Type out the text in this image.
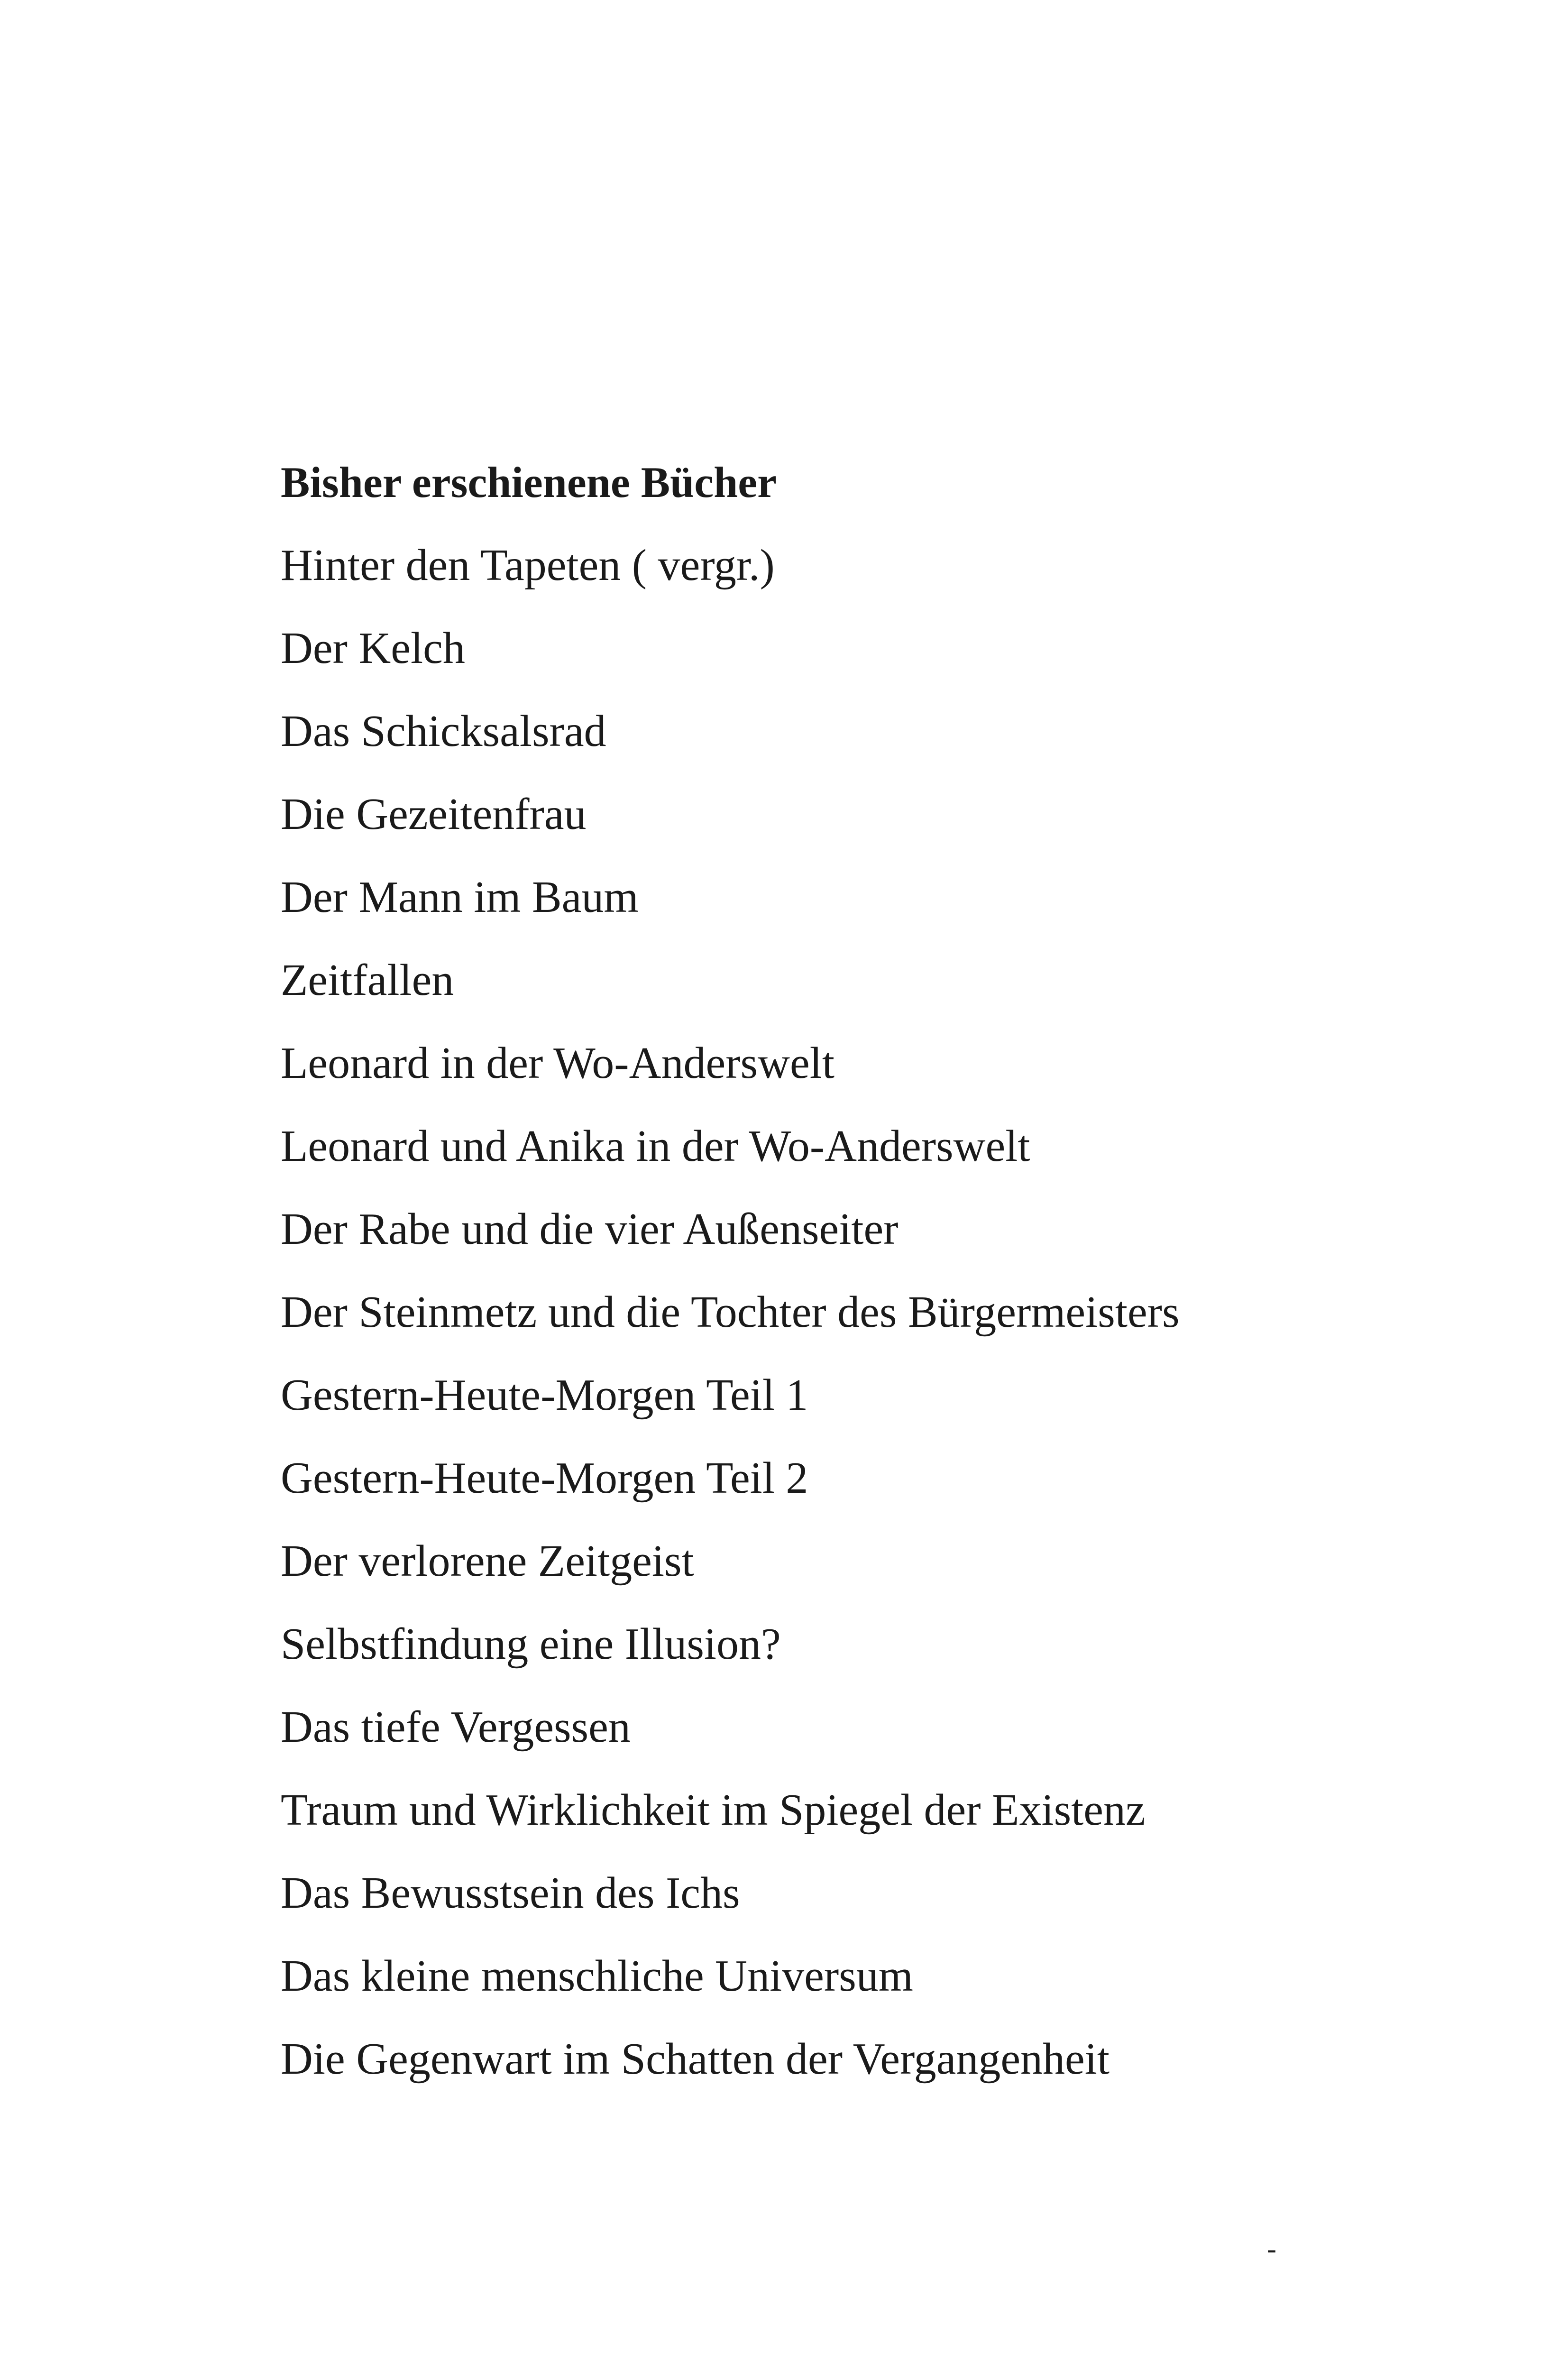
Bisher erschienene Bücher
Hinter den Tapeten ( vergr.)
Der Kelch
Das Schicksalsrad
Die Gezeitenfrau
Der Mann im Baum
Zeitfallen
Leonard in der Wo-Anderswelt
Leonard und Anika in der Wo-Anderswelt
Der Rabe und die vier Außenseiter
Der Steinmetz und die Tochter des Bürgermeisters
Gestern-Heute-Morgen Teil 1
Gestern-Heute-Morgen Teil 2
Der verlorene Zeitgeist
Selbstfindung eine Illusion?
Das tiefe Vergessen
Traum und Wirklichkeit im Spiegel der Existenz
Das Bewusstsein des Ichs
Das kleine menschliche Universum
Die Gegenwart im Schatten der Vergangenheit
-
